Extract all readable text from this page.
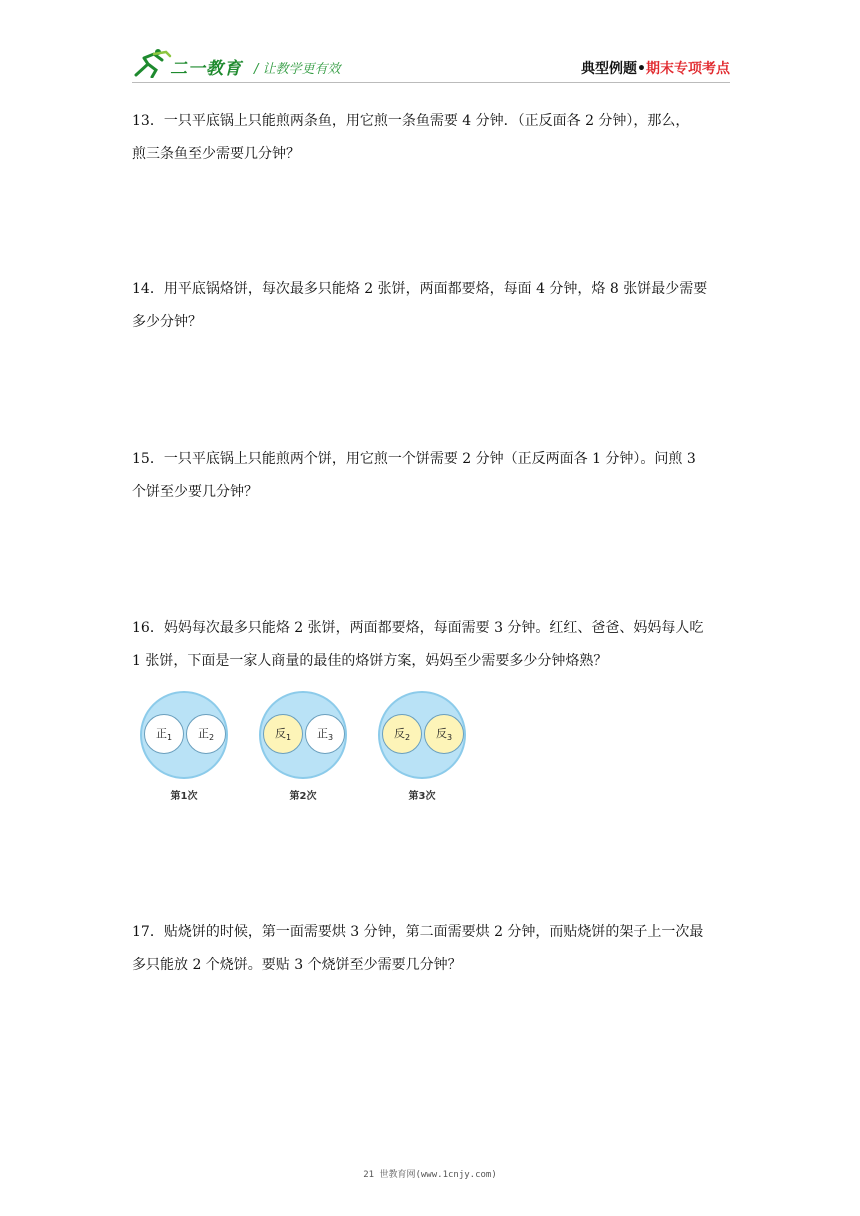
二一教育 / 让教学更有效	典型例题•期末专项考点

13．一只平底锅上只能煎两条鱼，用它煎一条鱼需要 4 分钟．（正反面各 2 分钟），那么，

煎三条鱼至少需要几分钟？

14．用平底锅烙饼，每次最多只能烙 2 张饼，两面都要烙，每面 4 分钟，烙 8 张饼最少需要

多少分钟？

15．一只平底锅上只能煎两个饼，用它煎一个饼需要 2 分钟（正反两面各 1 分钟）。问煎 3

个饼至少要几分钟？

16．妈妈每次最多只能烙 2 张饼，两面都要烙，每面需要 3 分钟。红红、爸爸、妈妈每人吃

1 张饼，下面是一家人商量的最佳的烙饼方案，妈妈至少需要多少分钟烙熟？

正$_1$	正$_2$
第1次
反$_1$	正$_3$
第2次
反$_2$	反$_3$
第3次

17．贴烧饼的时候，第一面需要烘 3 分钟，第二面需要烘 2 分钟，而贴烧饼的架子上一次最

多只能放 2 个烧饼。要贴 3 个烧饼至少需要几分钟？

21 世教育网(www.1cnjy.com)
